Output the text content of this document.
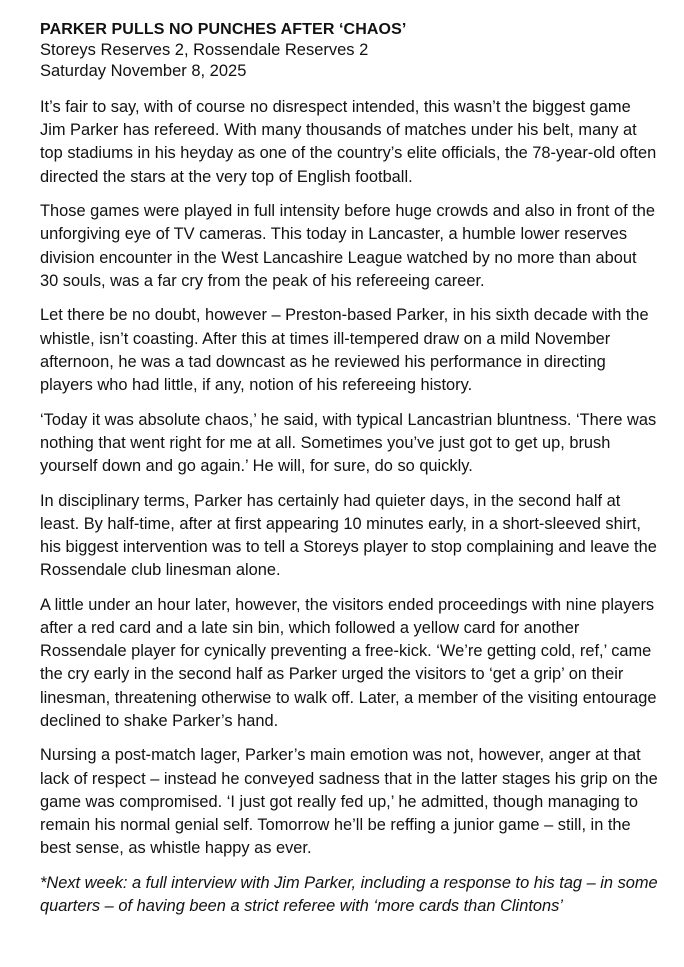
PARKER PULLS NO PUNCHES AFTER ‘CHAOS’

Storeys Reserves 2, Rossendale Reserves 2

Saturday November 8, 2025

It’s fair to say, with of course no disrespect intended, this wasn’t the biggest game Jim Parker has refereed. With many thousands of matches under his belt, many at top stadiums in his heyday as one of the country’s elite officials, the 78-year-old often directed the stars at the very top of English football.

Those games were played in full intensity before huge crowds and also in front of the unforgiving eye of TV cameras. This today in Lancaster, a humble lower reserves division encounter in the West Lancashire League watched by no more than about 30 souls, was a far cry from the peak of his refereeing career.

Let there be no doubt, however – Preston-based Parker, in his sixth decade with the whistle, isn’t coasting. After this at times ill-tempered draw on a mild November afternoon, he was a tad downcast as he reviewed his performance in directing players who had little, if any, notion of his refereeing history.

‘Today it was absolute chaos,’ he said, with typical Lancastrian bluntness. ‘There was nothing that went right for me at all. Sometimes you’ve just got to get up, brush yourself down and go again.’ He will, for sure, do so quickly.

In disciplinary terms, Parker has certainly had quieter days, in the second half at least. By half-time, after at first appearing 10 minutes early, in a short-sleeved shirt, his biggest intervention was to tell a Storeys player to stop complaining and leave the Rossendale club linesman alone.

A little under an hour later, however, the visitors ended proceedings with nine players after a red card and a late sin bin, which followed a yellow card for another Rossendale player for cynically preventing a free-kick. ‘We’re getting cold, ref,’ came the cry early in the second half as Parker urged the visitors to ‘get a grip’ on their linesman, threatening otherwise to walk off. Later, a member of the visiting entourage declined to shake Parker’s hand.

Nursing a post-match lager, Parker’s main emotion was not, however, anger at that lack of respect – instead he conveyed sadness that in the latter stages his grip on the game was compromised. ‘I just got really fed up,’ he admitted, though managing to remain his normal genial self. Tomorrow he’ll be reffing a junior game – still, in the best sense, as whistle happy as ever.

*Next week: a full interview with Jim Parker, including a response to his tag – in some quarters – of having been a strict referee with ‘more cards than Clintons’
